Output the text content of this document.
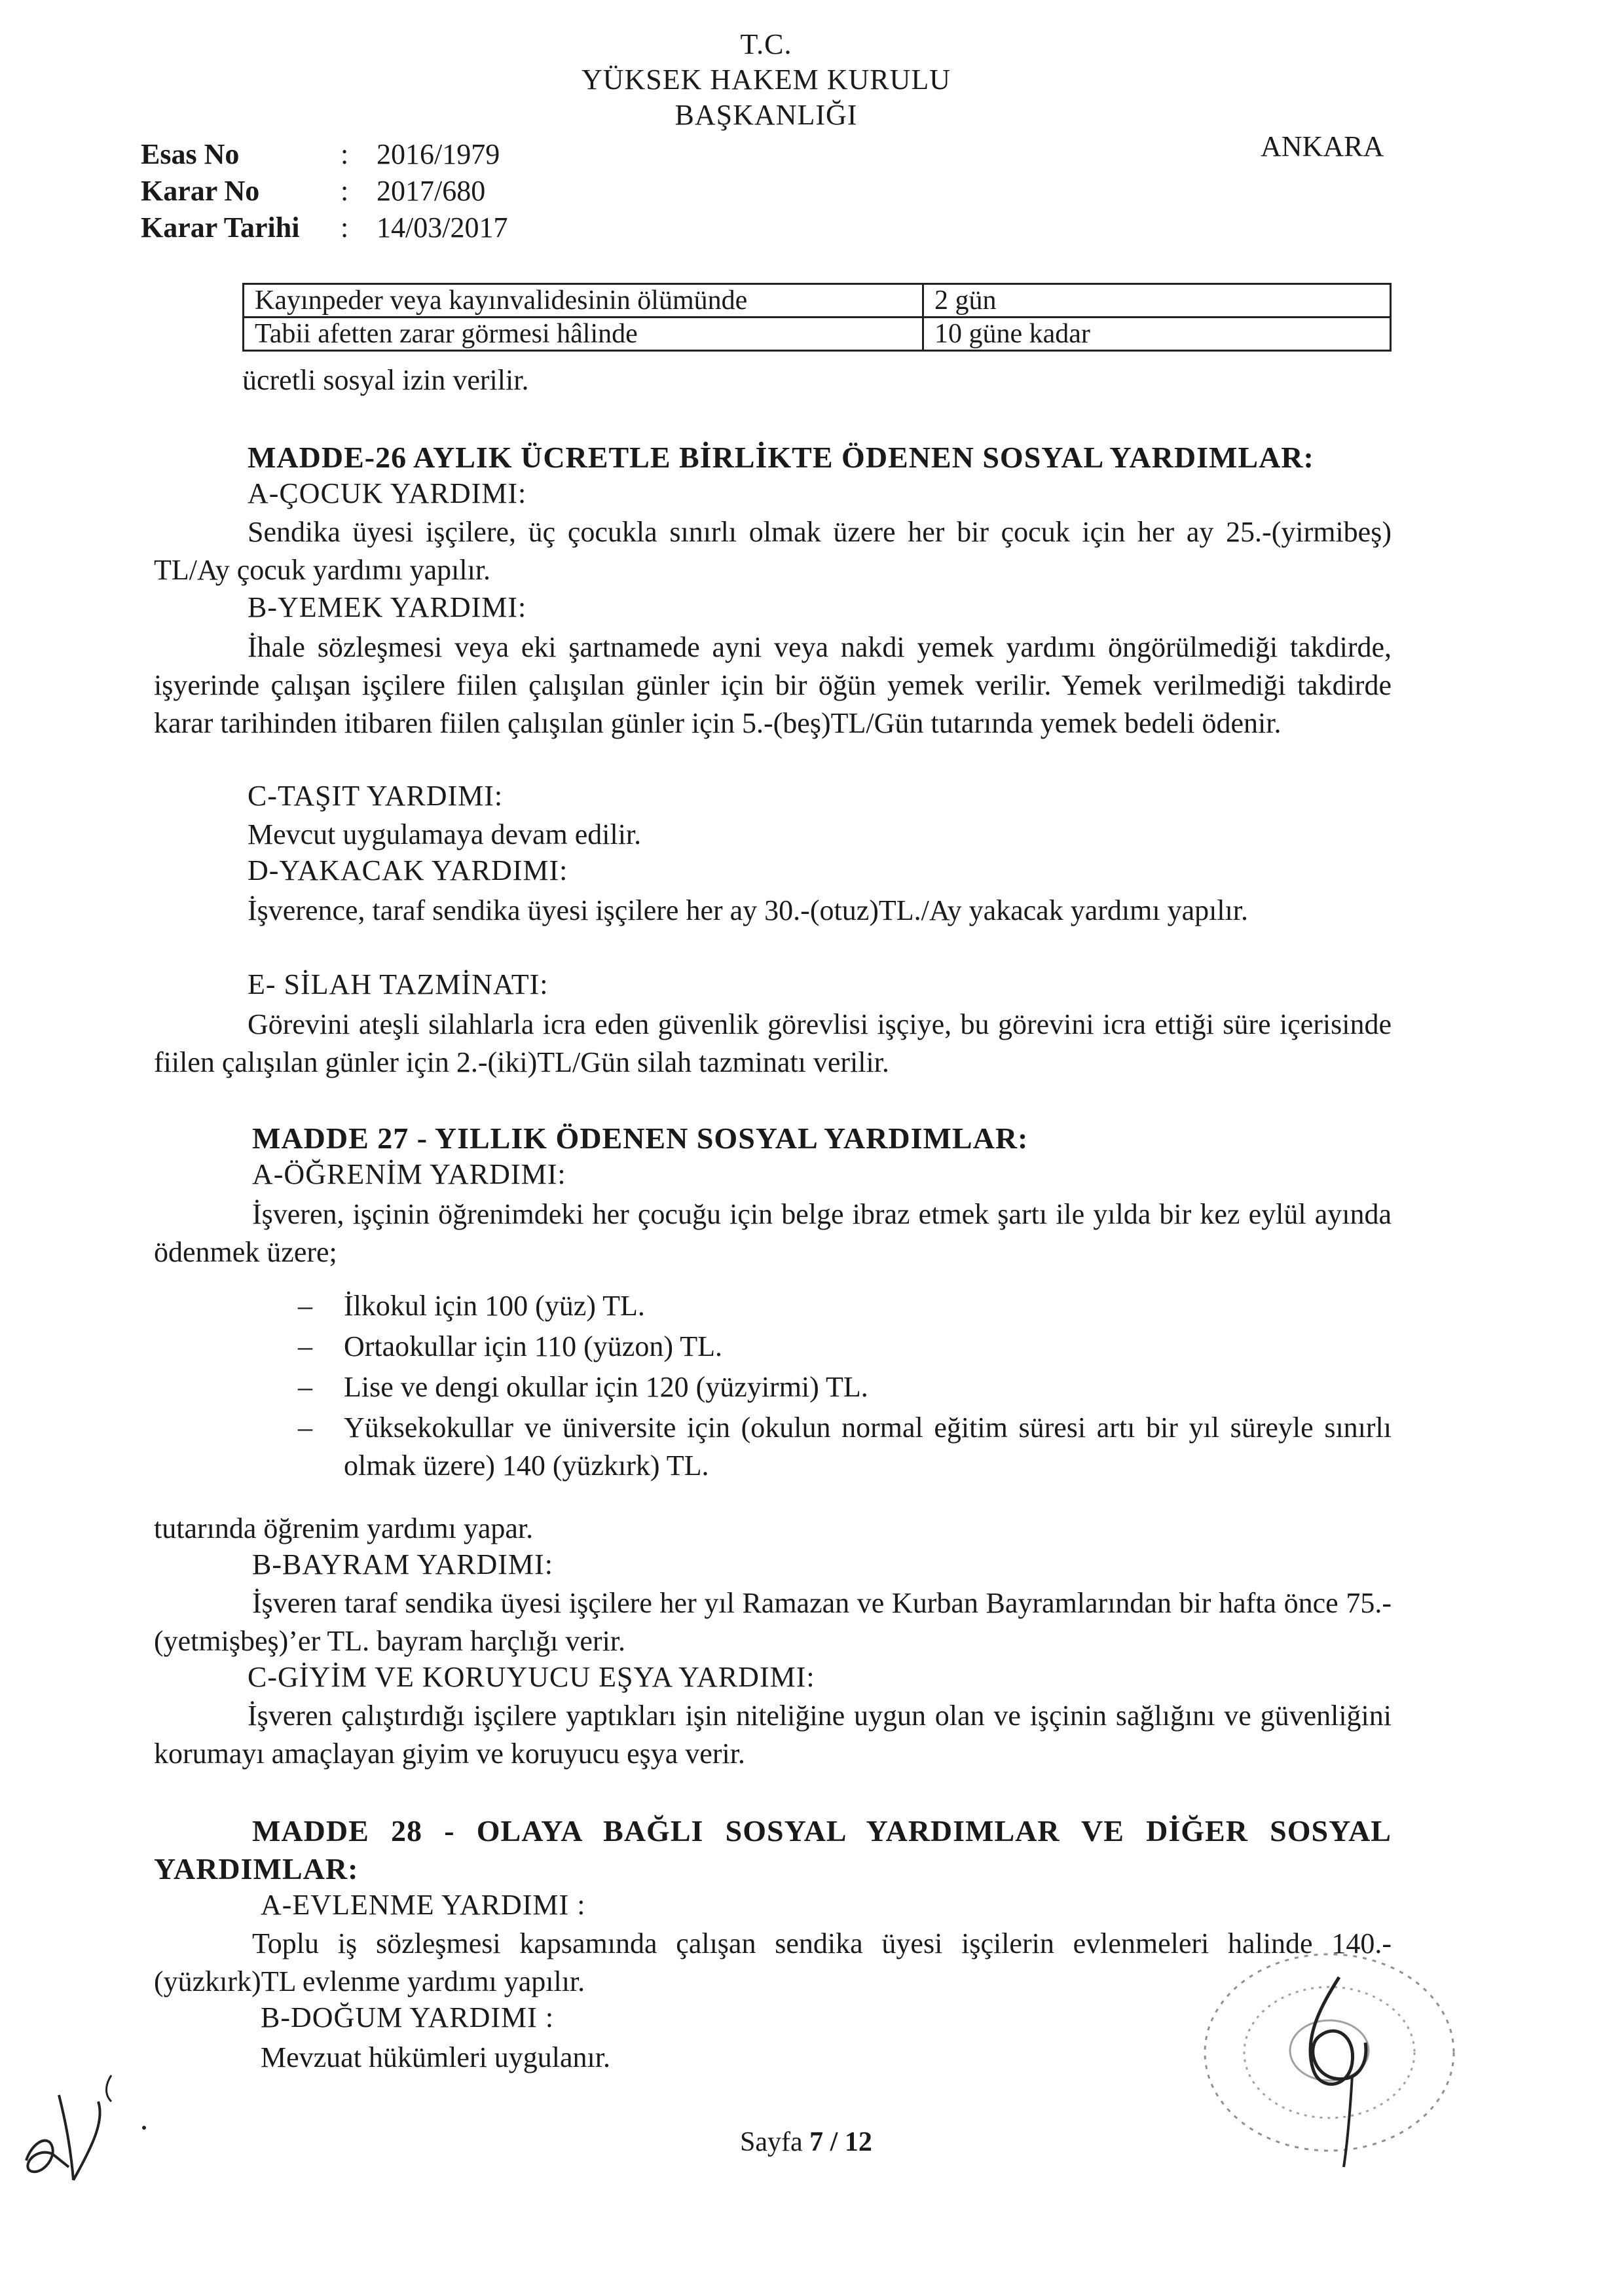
T.C.
YÜKSEK HAKEM KURULU
BAŞKANLIĞI
ANKARA
Esas No	: 2016/1979
Karar No	: 2017/680
Karar Tarihi : 14/03/2017
Kayınpeder veya kayınvalidesinin ölümünde	2 gün
Tabii afetten zarar görmesi hâlinde	10 güne kadar
ücretli sosyal izin verilir.
MADDE-26 AYLIK ÜCRETLE BİRLİKTE ÖDENEN SOSYAL YARDIMLAR:
A-ÇOCUK YARDIMI:
Sendika üyesi işçilere, üç çocukla sınırlı olmak üzere her bir çocuk için her ay 25.-(yirmibeş) TL/Ay çocuk yardımı yapılır.
B-YEMEK YARDIMI:
İhale sözleşmesi veya eki şartnamede ayni veya nakdi yemek yardımı öngörülmediği takdirde, işyerinde çalışan işçilere fiilen çalışılan günler için bir öğün yemek verilir. Yemek verilmediği takdirde karar tarihinden itibaren fiilen çalışılan günler için 5.-(beş)TL/Gün tutarında yemek bedeli ödenir.
C-TAŞIT YARDIMI:
Mevcut uygulamaya devam edilir.
D-YAKACAK YARDIMI:
İşverence, taraf sendika üyesi işçilere her ay 30.-(otuz)TL./Ay yakacak yardımı yapılır.
E- SİLAH TAZMİNATI:
Görevini ateşli silahlarla icra eden güvenlik görevlisi işçiye, bu görevini icra ettiği süre içerisinde fiilen çalışılan günler için 2.-(iki)TL/Gün silah tazminatı verilir.
MADDE 27 - YILLIK ÖDENEN SOSYAL YARDIMLAR:
A-ÖĞRENİM YARDIMI:
İşveren, işçinin öğrenimdeki her çocuğu için belge ibraz etmek şartı ile yılda bir kez eylül ayında ödenmek üzere;
– İlkokul için 100 (yüz) TL.
– Ortaokullar için 110 (yüzon) TL.
– Lise ve dengi okullar için 120 (yüzyirmi) TL.
– Yüksekokullar ve üniversite için (okulun normal eğitim süresi artı bir yıl süreyle sınırlı olmak üzere) 140 (yüzkırk) TL.
tutarında öğrenim yardımı yapar.
B-BAYRAM YARDIMI:
İşveren taraf sendika üyesi işçilere her yıl Ramazan ve Kurban Bayramlarından bir hafta önce 75.-(yetmişbeş)’er TL. bayram harçlığı verir.
C-GİYİM VE KORUYUCU EŞYA YARDIMI:
İşveren çalıştırdığı işçilere yaptıkları işin niteliğine uygun olan ve işçinin sağlığını ve güvenliğini korumayı amaçlayan giyim ve koruyucu eşya verir.
MADDE 28 - OLAYA BAĞLI SOSYAL YARDIMLAR VE DİĞER SOSYAL YARDIMLAR:
A-EVLENME YARDIMI :
Toplu iş sözleşmesi kapsamında çalışan sendika üyesi işçilerin evlenmeleri halinde 140.-(yüzkırk)TL evlenme yardımı yapılır.
B-DOĞUM YARDIMI :
Mevzuat hükümleri uygulanır.
Sayfa 7 / 12
